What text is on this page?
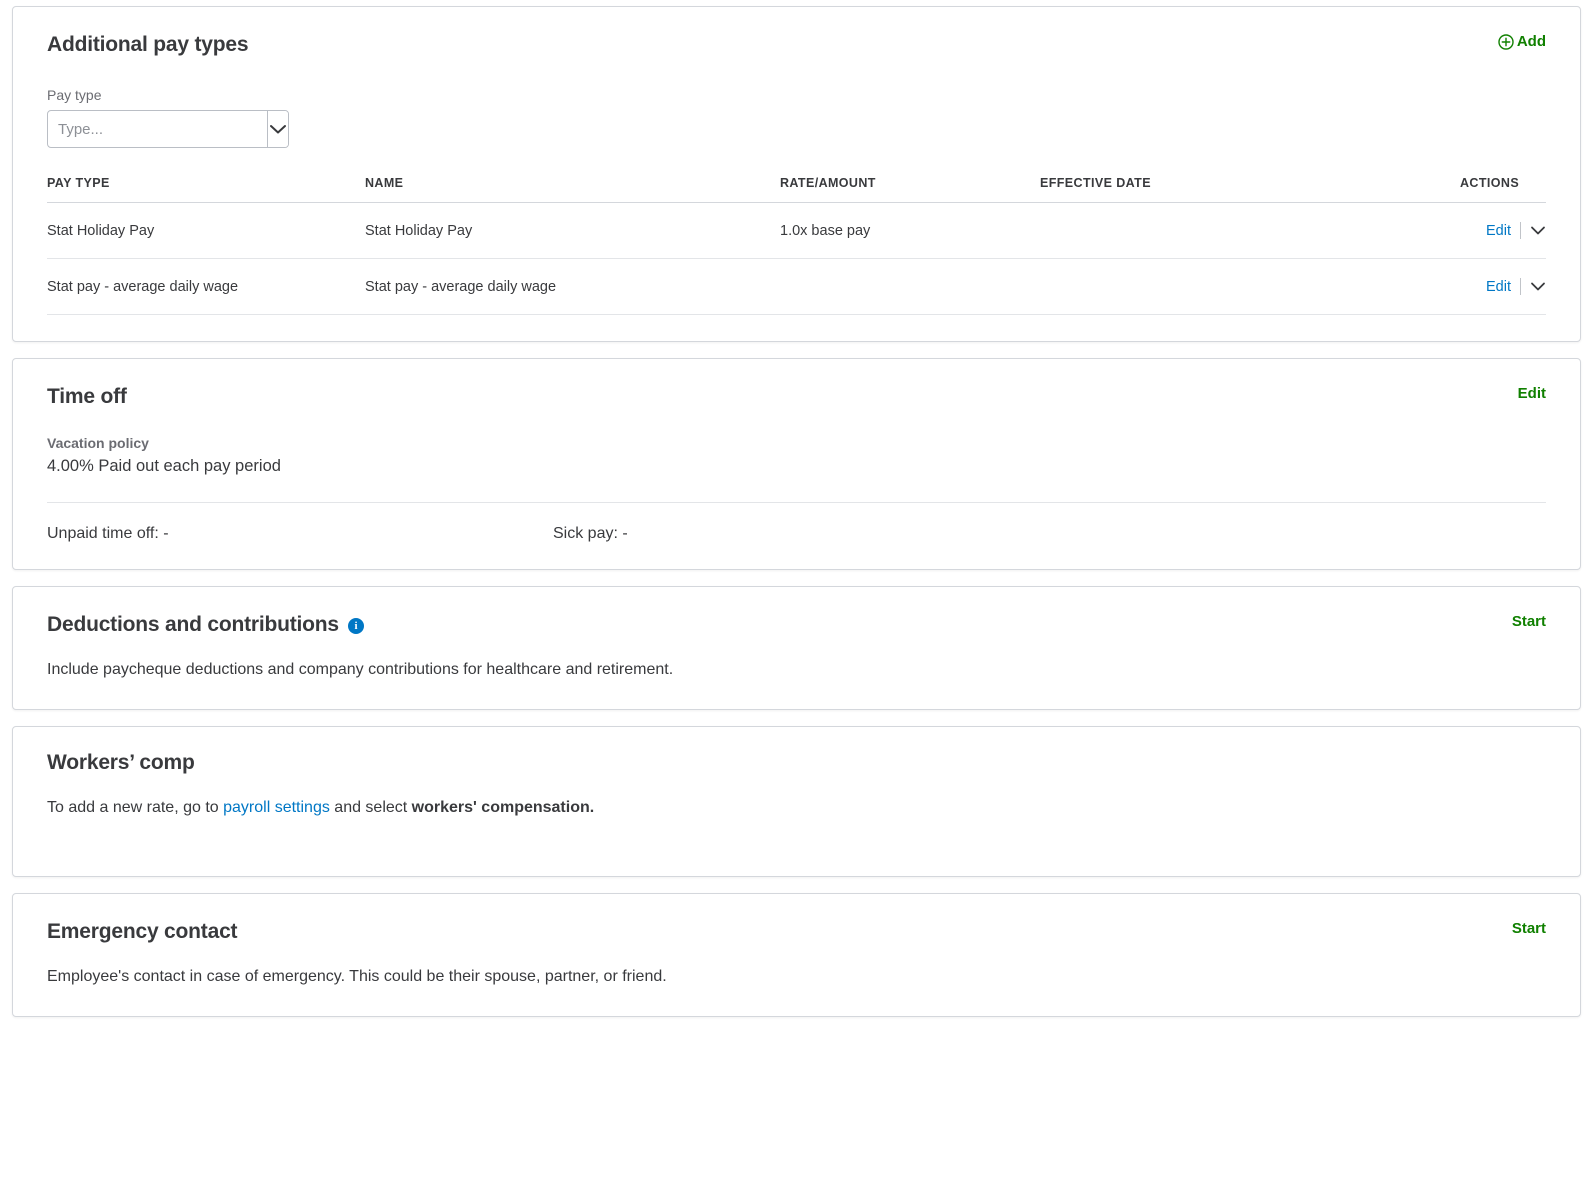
Additional pay types	Add
Pay type
Type...
PAY TYPE	NAME	RATE/AMOUNT	EFFECTIVE DATE	ACTIONS
Stat Holiday Pay	Stat Holiday Pay	1.0x base pay		Edit

Stat pay - average daily wage	Stat pay - average daily wage			Edit
Time off	Edit
Vacation policy
4.00% Paid out each pay period
Unpaid time off: -	Sick pay: -
Deductions and contributions	i	Start
Include paycheque deductions and company contributions for healthcare and retirement.
Workers’ comp
To add a new rate, go to payroll settings and select workers' compensation.
Emergency contact	Start
Employee's contact in case of emergency. This could be their spouse, partner, or friend.
